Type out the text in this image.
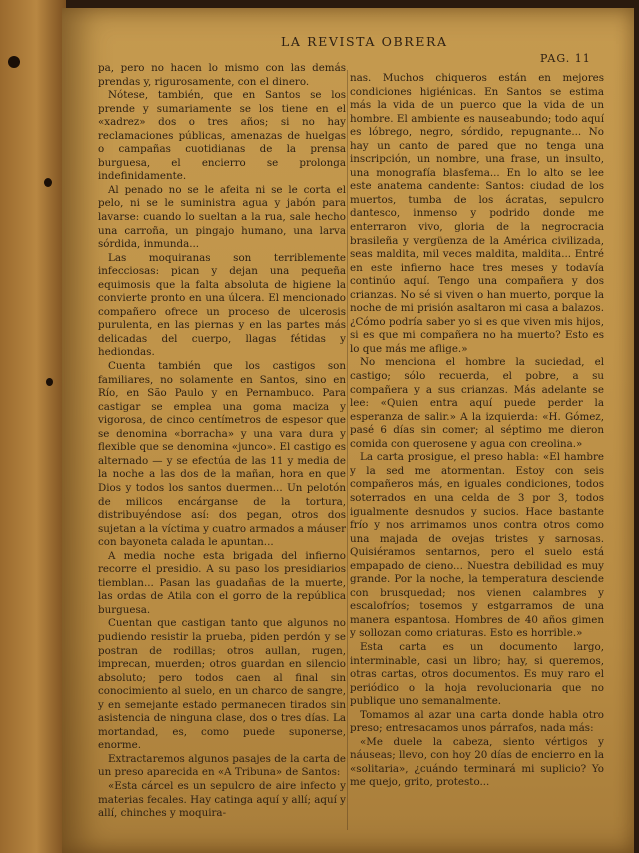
LA REVISTA OBRERA
PAG. 11

pa, pero no hacen lo mismo con las demás prendas y, rigurosamente, con el dinero.

Nótese, también, que en Santos se los prende y sumariamente se los tiene en el «xadrez» dos o tres años; si no hay reclamaciones públicas, amenazas de huelgas o campañas cuotidianas de la prensa burguesa, el encierro se prolonga indefinidamente.

Al penado no se le afeita ni se le corta el pelo, ni se le suministra agua y jabón para lavarse: cuando lo sueltan a la rua, sale hecho una carroña, un pingajo humano, una larva sórdida, inmunda...

Las moquiranas son terriblemente infecciosas: pican y dejan una pequeña equimosis que la falta absoluta de higiene la convierte pronto en una úlcera. El mencionado compañero ofrece un proceso de ulcerosis purulenta, en las piernas y en las partes más delicadas del cuerpo, llagas fétidas y hediondas.

Cuenta también que los castigos son familiares, no solamente en Santos, sino en Río, en São Paulo y en Pernambuco. Para castigar se emplea una goma maciza y vigorosa, de cinco centímetros de espesor que se denomina «borracha» y una vara dura y flexible que se denomina «junco». El castigo es alternado — y se efectúa de las 11 y media de la noche a las dos de la mañan, hora en que Dios y todos los santos duermen... Un pelotón de milicos encárganse de la tortura, distribuyéndose así: dos pegan, otros dos sujetan a la víctima y cuatro armados a máuser con bayoneta calada le apuntan...

A media noche esta brigada del infierno recorre el presidio. A su paso los presidiarios tiemblan... Pasan las guadañas de la muerte, las ordas de Atila con el gorro de la república burguesa.

Cuentan que castigan tanto que algunos no pudiendo resistir la prueba, piden perdón y se postran de rodillas; otros aullan, rugen, imprecan, muerden; otros guardan en silencio absoluto; pero todos caen al final sin conocimiento al suelo, en un charco de sangre, y en semejante estado permanecen tirados sin asistencia de ninguna clase, dos o tres días. La mortandad, es, como puede suponerse, enorme.

Extractaremos algunos pasajes de la carta de un preso aparecida en «A Tribuna» de Santos:

«Esta cárcel es un sepulcro de aire infecto y materias fecales. Hay catinga aquí y allí; aquí y allí, chinches y moquira-

nas. Muchos chiqueros están en mejores condiciones higiénicas. En Santos se estima más la vida de un puerco que la vida de un hombre. El ambiente es nauseabundo; todo aquí es lóbrego, negro, sórdido, repugnante... No hay un canto de pared que no tenga una inscripción, un nombre, una frase, un insulto, una monografía blasfema... En lo alto se lee este anatema candente: Santos: ciudad de los muertos, tumba de los ácratas, sepulcro dantesco, inmenso y podrido donde me enterraron vivo, gloria de la negrocracia brasileña y vergüenza de la América civilizada, seas maldita, mil veces maldita, maldita... Entré en este infierno hace tres meses y todavía continúo aquí. Tengo una compañera y dos crianzas. No sé si viven o han muerto, porque la noche de mi prisión asaltaron mi casa a balazos. ¿Cómo podría saber yo si es que viven mis hijos, si es que mi compañera no ha muerto? Esto es lo que más me aflige.»

No menciona el hombre la suciedad, el castigo; sólo recuerda, el pobre, a su compañera y a sus crianzas. Más adelante se lee: «Quien entra aquí puede perder la esperanza de salir.» A la izquierda: «H. Gómez, pasé 6 días sin comer; al séptimo me dieron comida con querosene y agua con creolina.»

La carta prosigue, el preso habla: «El hambre y la sed me atormentan. Estoy con seis compañeros más, en iguales condiciones, todos soterrados en una celda de 3 por 3, todos igualmente desnudos y sucios. Hace bastante frío y nos arrimamos unos contra otros como una majada de ovejas tristes y sarnosas. Quisiéramos sentarnos, pero el suelo está empapado de cieno... Nuestra debilidad es muy grande. Por la noche, la temperatura desciende con brusquedad; nos vienen calambres y escalofríos; tosemos y estgarramos de una manera espantosa. Hombres de 40 años gimen y sollozan como criaturas. Esto es horrible.»

Esta carta es un documento largo, interminable, casi un libro; hay, si queremos, otras cartas, otros documentos. Es muy raro el periódico o la hoja revolucionaria que no publique uno semanalmente.

Tomamos al azar una carta donde habla otro preso; entresacamos unos párrafos, nada más:

«Me duele la cabeza, siento vértigos y náuseas; llevo, con hoy 20 días de encierro en la «solitaria», ¿cuándo terminará mi suplicio? Yo me quejo, grito, protesto...
